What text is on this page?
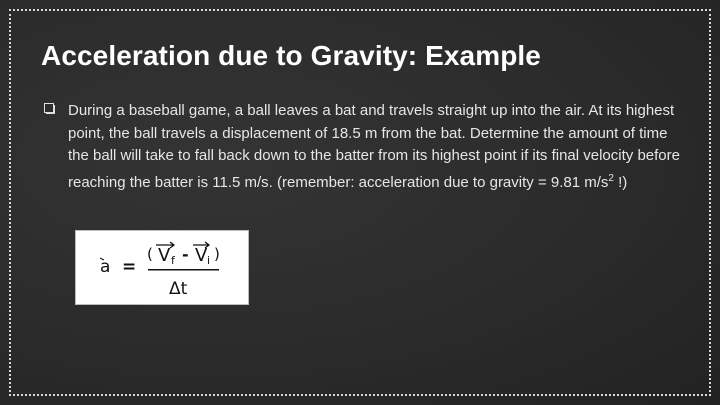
Acceleration due to Gravity: Example
During a baseball game, a ball leaves a bat and travels straight up into the air. At its highest point, the ball travels a displacement of 18.5 m from the bat. Determine the amount of time the ball will take to fall back down to the batter from its highest point if its final velocity before reaching the batter is 11.5 m/s. (remember: acceleration due to gravity = 9.81 $m/s^2$ !)
a =
( V f - V i )
Δt
